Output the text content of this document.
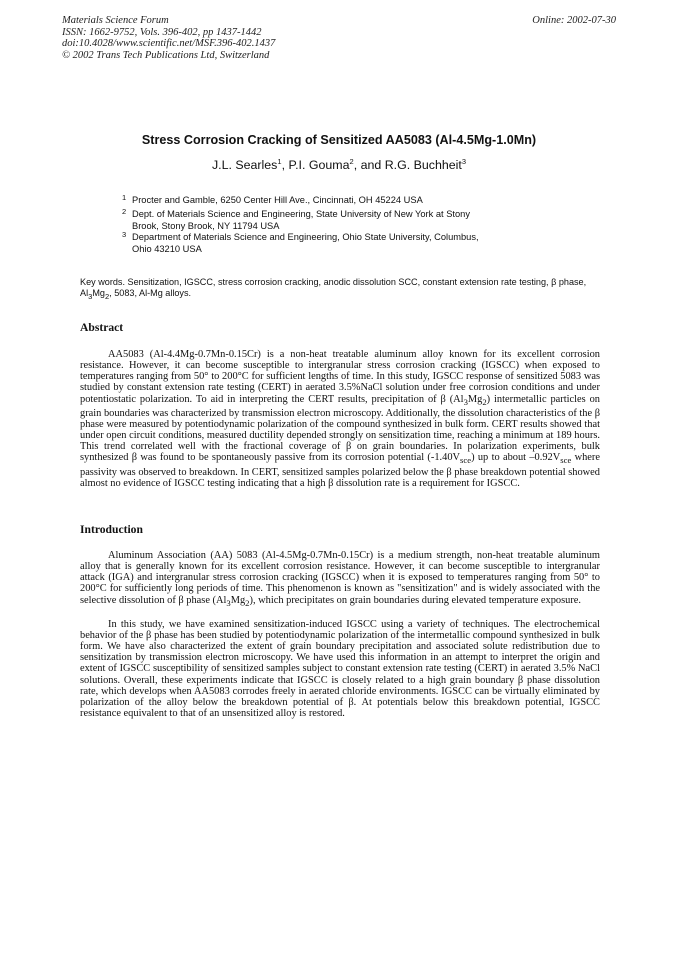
Materials Science Forum
ISSN: 1662-9752, Vols. 396-402, pp 1437-1442
doi:10.4028/www.scientific.net/MSF.396-402.1437
© 2002 Trans Tech Publications Ltd, Switzerland
Online: 2002-07-30
Stress Corrosion Cracking of Sensitized AA5083 (Al-4.5Mg-1.0Mn)
J.L. Searles$^1$, P.I. Gouma$^2$, and R.G. Buchheit$^3$
1 Procter and Gamble, 6250 Center Hill Ave., Cincinnati, OH 45224 USA
2 Dept. of Materials Science and Engineering, State University of New York at Stony
Brook, Stony Brook, NY 11794 USA
3 Department of Materials Science and Engineering, Ohio State University, Columbus,
Ohio 43210 USA
Key words. Sensitization, IGSCC, stress corrosion cracking, anodic dissolution SCC, constant extension rate testing, β phase, $Al_3Mg_2$, 5083, Al-Mg alloys.
Abstract

AA5083 (Al-4.4Mg-0.7Mn-0.15Cr) is a non-heat treatable aluminum alloy known for its excellent corrosion resistance. However, it can become susceptible to intergranular stress corrosion cracking (IGSCC) when exposed to temperatures ranging from 50° to 200°C for sufficient lengths of time. In this study, IGSCC response of sensitized 5083 was studied by constant extension rate testing (CERT) in aerated 3.5%NaCl solution under free corrosion conditions and under potentiostatic polarization. To aid in interpreting the CERT results, precipitation of β $(Al_3Mg_2)$ intermetallic particles on grain boundaries was characterized by transmission electron microscopy. Additionally, the dissolution characteristics of the β phase were measured by potentiodynamic polarization of the compound synthesized in bulk form. CERT results showed that under open circuit conditions, measured ductility depended strongly on sensitization time, reaching a minimum at 189 hours. This trend correlated well with the fractional coverage of β on grain boundaries. In polarization experiments, bulk synthesized β was found to be spontaneously passive from its corrosion potential $(-1.40V_{sce})$ up to about $-0.92V_{sce}$ where passivity was observed to breakdown. In CERT, sensitized samples polarized below the β phase breakdown potential showed almost no evidence of IGSCC testing indicating that a high β dissolution rate is a requirement for IGSCC.

Introduction

Aluminum Association (AA) 5083 (Al-4.5Mg-0.7Mn-0.15Cr) is a medium strength, non-heat treatable aluminum alloy that is generally known for its excellent corrosion resistance. However, it can become susceptible to intergranular attack (IGA) and intergranular stress corrosion cracking (IGSCC) when it is exposed to temperatures ranging from 50° to 200°C for sufficiently long periods of time. This phenomenon is known as "sensitization" and is widely associated with the selective dissolution of β phase $(Al_3Mg_2)$, which precipitates on grain boundaries during elevated temperature exposure.

In this study, we have examined sensitization-induced IGSCC using a variety of techniques. The electrochemical behavior of the β phase has been studied by potentiodynamic polarization of the intermetallic compound synthesized in bulk form. We have also characterized the extent of grain boundary precipitation and associated solute redistribution due to sensitization by transmission electron microscopy. We have used this information in an attempt to interpret the origin and extent of IGSCC susceptibility of sensitized samples subject to constant extension rate testing (CERT) in aerated 3.5% NaCl solutions. Overall, these experiments indicate that IGSCC is closely related to a high grain boundary β phase dissolution rate, which develops when AA5083 corrodes freely in aerated chloride environments. IGSCC can be virtually eliminated by polarization of the alloy below the breakdown potential of β. At potentials below this breakdown potential, IGSCC resistance equivalent to that of an unsensitized alloy is restored.
